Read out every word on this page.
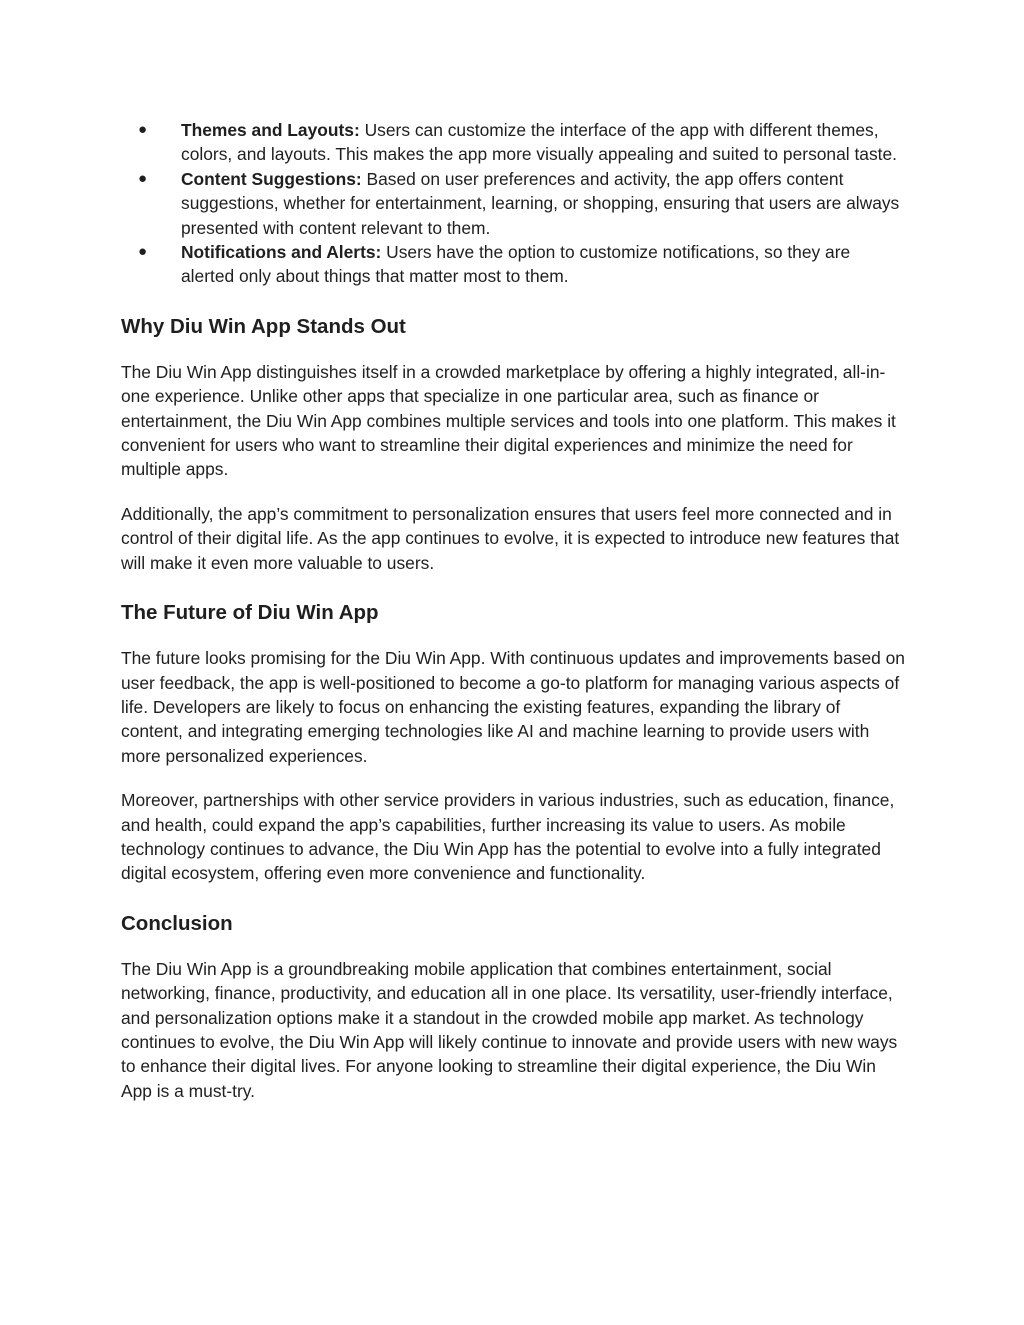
● Themes and Layouts: Users can customize the interface of the app with different themes, colors, and layouts. This makes the app more visually appealing and suited to personal taste.
● Content Suggestions: Based on user preferences and activity, the app offers content suggestions, whether for entertainment, learning, or shopping, ensuring that users are always presented with content relevant to them.
● Notifications and Alerts: Users have the option to customize notifications, so they are alerted only about things that matter most to them.
Why Diu Win App Stands Out

The Diu Win App distinguishes itself in a crowded marketplace by offering a highly integrated, all-in-one experience. Unlike other apps that specialize in one particular area, such as finance or entertainment, the Diu Win App combines multiple services and tools into one platform. This makes it convenient for users who want to streamline their digital experiences and minimize the need for multiple apps.

Additionally, the app’s commitment to personalization ensures that users feel more connected and in control of their digital life. As the app continues to evolve, it is expected to introduce new features that will make it even more valuable to users.

The Future of Diu Win App

The future looks promising for the Diu Win App. With continuous updates and improvements based on user feedback, the app is well-positioned to become a go-to platform for managing various aspects of life. Developers are likely to focus on enhancing the existing features, expanding the library of content, and integrating emerging technologies like AI and machine learning to provide users with more personalized experiences.

Moreover, partnerships with other service providers in various industries, such as education, finance, and health, could expand the app’s capabilities, further increasing its value to users. As mobile technology continues to advance, the Diu Win App has the potential to evolve into a fully integrated digital ecosystem, offering even more convenience and functionality.

Conclusion

The Diu Win App is a groundbreaking mobile application that combines entertainment, social networking, finance, productivity, and education all in one place. Its versatility, user-friendly interface, and personalization options make it a standout in the crowded mobile app market. As technology continues to evolve, the Diu Win App will likely continue to innovate and provide users with new ways to enhance their digital lives. For anyone looking to streamline their digital experience, the Diu Win App is a must-try.
